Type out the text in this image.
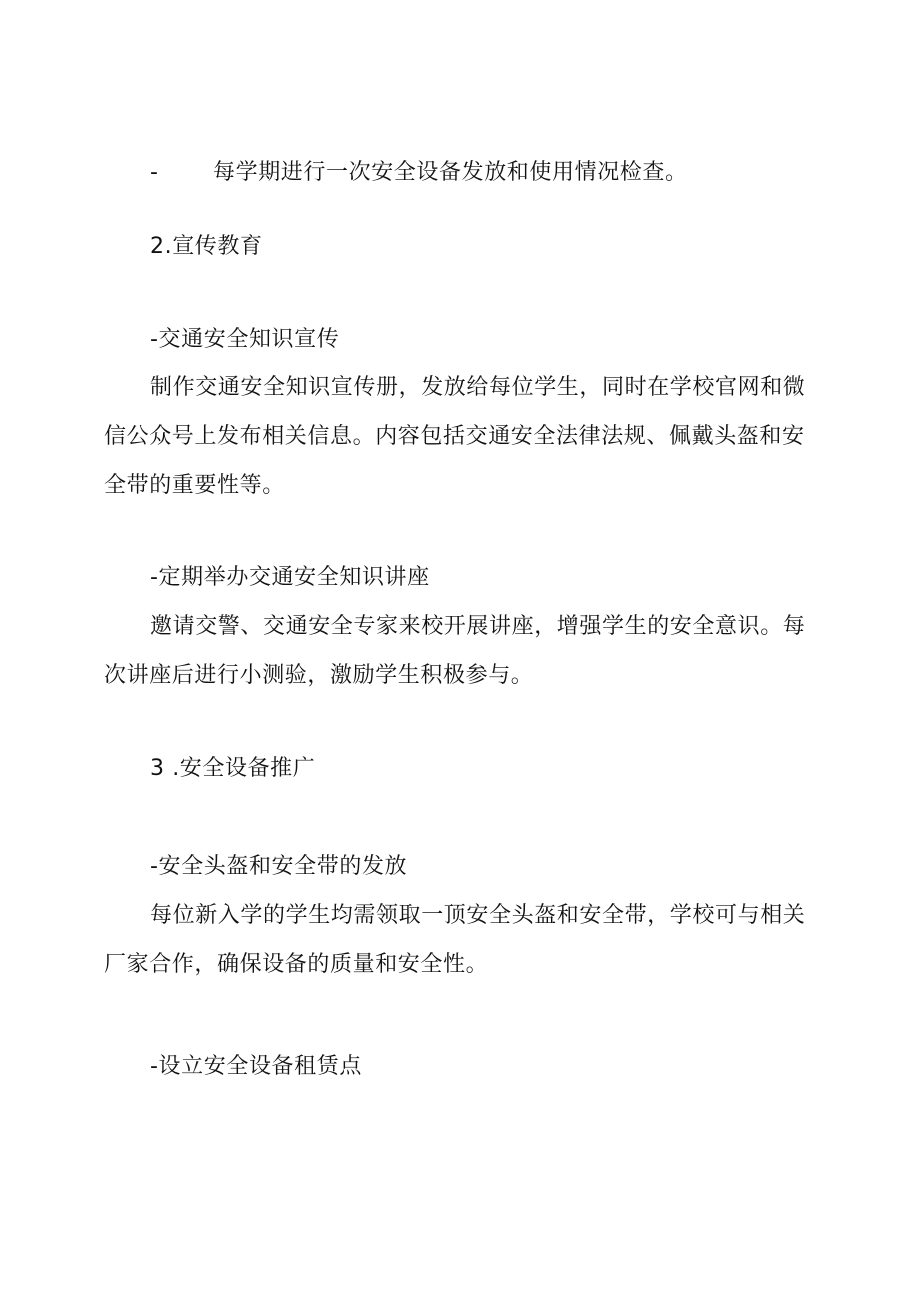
-	每学期进行一次安全设备发放和使用情况检查。
2.宣传教育
-交通安全知识宣传
制作交通安全知识宣传册，发放给每位学生，同时在学校官网和微
信公众号上发布相关信息。内容包括交通安全法律法规、佩戴头盔和安
全带的重要性等。
-定期举办交通安全知识讲座
邀请交警、交通安全专家来校开展讲座，增强学生的安全意识。每
次讲座后进行小测验，激励学生积极参与。
3 .安全设备推广
-安全头盔和安全带的发放
每位新入学的学生均需领取一顶安全头盔和安全带，学校可与相关
厂家合作，确保设备的质量和安全性。
-设立安全设备租赁点
